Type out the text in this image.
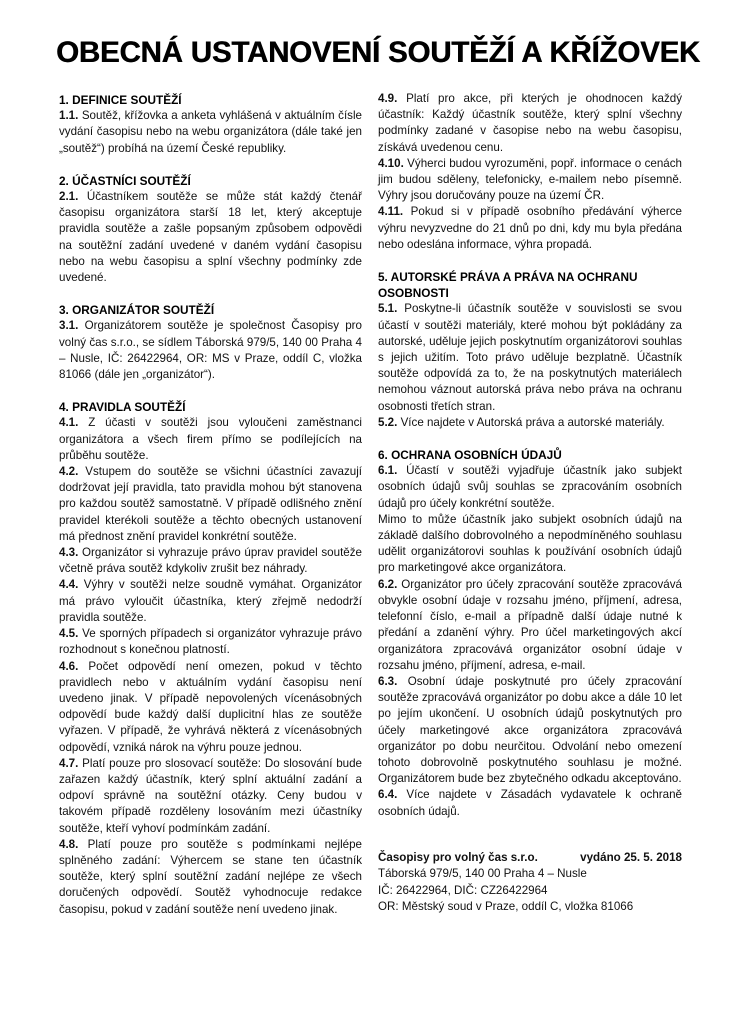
OBECNÁ USTANOVENÍ SOUTĚŽÍ A KŘÍŽOVEK
1. DEFINICE SOUTĚŽÍ

1.1. Soutěž, křížovka a anketa vyhlášená v aktuálním čísle vydání časopisu nebo na webu organizátora (dále také jen „soutěž“) probíhá na území České republiky.

2. ÚČASTNÍCI SOUTĚŽÍ

2.1. Účastníkem soutěže se může stát každý čtenář časopisu organizátora starší 18 let, který akceptuje pravidla soutěže a zašle popsaným způsobem odpovědi na soutěžní zadání uvedené v daném vydání časopisu nebo na webu časopisu a splní všechny podmínky zde uvedené.

3. ORGANIZÁTOR SOUTĚŽÍ

3.1. Organizátorem soutěže je společnost Časopisy pro volný čas s.r.o., se sídlem Táborská 979/5, 140 00 Praha 4 – Nusle, IČ: 26422964, OR: MS v Praze, oddíl C, vložka 81066 (dále jen „organizátor“).

4. PRAVIDLA SOUTĚŽÍ

4.1. Z účasti v soutěži jsou vyloučeni zaměstnanci organizátora a všech firem přímo se podílejících na průběhu soutěže.

4.2. Vstupem do soutěže se všichni účastníci zavazují dodržovat její pravidla, tato pravidla mohou být stanovena pro každou soutěž samostatně. V případě odlišného znění pravidel kterékoli soutěže a těchto obecných ustanovení má přednost znění pravidel konkrétní soutěže.

4.3. Organizátor si vyhrazuje právo úprav pravidel soutěže včetně práva soutěž kdykoliv zrušit bez náhrady.

4.4. Výhry v soutěži nelze soudně vymáhat. Organizátor má právo vyloučit účastníka, který zřejmě nedodrží pravidla soutěže.

4.5. Ve sporných případech si organizátor vyhrazuje právo rozhodnout s konečnou platností.

4.6. Počet odpovědí není omezen, pokud v těchto pravidlech nebo v aktuálním vydání časopisu není uvedeno jinak. V případě nepovolených vícenásobných odpovědí bude každý další duplicitní hlas ze soutěže vyřazen. V případě, že vyhrává některá z vícenásobných odpovědí, vzniká nárok na výhru pouze jednou.

4.7. Platí pouze pro slosovací soutěže: Do slosování bude zařazen každý účastník, který splní aktuální zadání a odpoví správně na soutěžní otázky. Ceny budou v takovém případě rozděleny losováním mezi účastníky soutěže, kteří vyhoví podmínkám zadání.

4.8. Platí pouze pro soutěže s podmínkami nejlépe splněného zadání: Výhercem se stane ten účastník soutěže, který splní soutěžní zadání nejlépe ze všech doručených odpovědí. Soutěž vyhodnocuje redakce časopisu, pokud v zadání soutěže není uvedeno jinak.

4.9. Platí pro akce, při kterých je ohodnocen každý účastník: Každý účastník soutěže, který splní všechny podmínky zadané v časopise nebo na webu časopisu, získává uvedenou cenu.

4.10. Výherci budou vyrozuměni, popř. informace o cenách jim budou sděleny, telefonicky, e-mailem nebo písemně. Výhry jsou doručovány pouze na území ČR.

4.11. Pokud si v případě osobního předávání výherce výhru nevyzvedne do 21 dnů po dni, kdy mu byla předána nebo odeslána informace, výhra propadá.

5. AUTORSKÉ PRÁVA A PRÁVA NA OCHRANU OSOBNOSTI

5.1. Poskytne-li účastník soutěže v souvislosti se svou účastí v soutěži materiály, které mohou být pokládány za autorské, uděluje jejich poskytnutím organizátorovi souhlas s jejich užitím. Toto právo uděluje bezplatně. Účastník soutěže odpovídá za to, že na poskytnutých materiálech nemohou váznout autorská práva nebo práva na ochranu osobnosti třetích stran.

5.2. Více najdete v Autorská práva a autorské materiály.

6. OCHRANA OSOBNÍCH ÚDAJŮ

6.1. Účastí v soutěži vyjadřuje účastník jako subjekt osobních údajů svůj souhlas se zpracováním osobních údajů pro účely konkrétní soutěže.

Mimo to může účastník jako subjekt osobních údajů na základě dalšího dobrovolného a nepodmíněného souhlasu udělit organizátorovi souhlas k používání osobních údajů pro marketingové akce organizátora.

6.2. Organizátor pro účely zpracování soutěže zpracovává obvykle osobní údaje v rozsahu jméno, příjmení, adresa, telefonní číslo, e-mail a případně další údaje nutné k předání a zdanění výhry. Pro účel marketingových akcí organizátora zpracovává organizátor osobní údaje v rozsahu jméno, příjmení, adresa, e-mail.

6.3. Osobní údaje poskytnuté pro účely zpracování soutěže zpracovává organizátor po dobu akce a dále 10 let po jejím ukončení. U osobních údajů poskytnutých pro účely marketingové akce organizátora zpracovává organizátor po dobu neurčitou. Odvolání nebo omezení tohoto dobrovolně poskytnutého souhlasu je možné. Organizátorem bude bez zbytečného odkadu akceptováno.

6.4. Více najdete v Zásadách vydavatele k ochraně osobních údajů.

Časopisy pro volný čas s.r.o.	vydáno 25. 5. 2018

Táborská 979/5, 140 00 Praha 4 – Nusle

IČ: 26422964, DIČ: CZ26422964

OR: Městský soud v Praze, oddíl C, vložka 81066
